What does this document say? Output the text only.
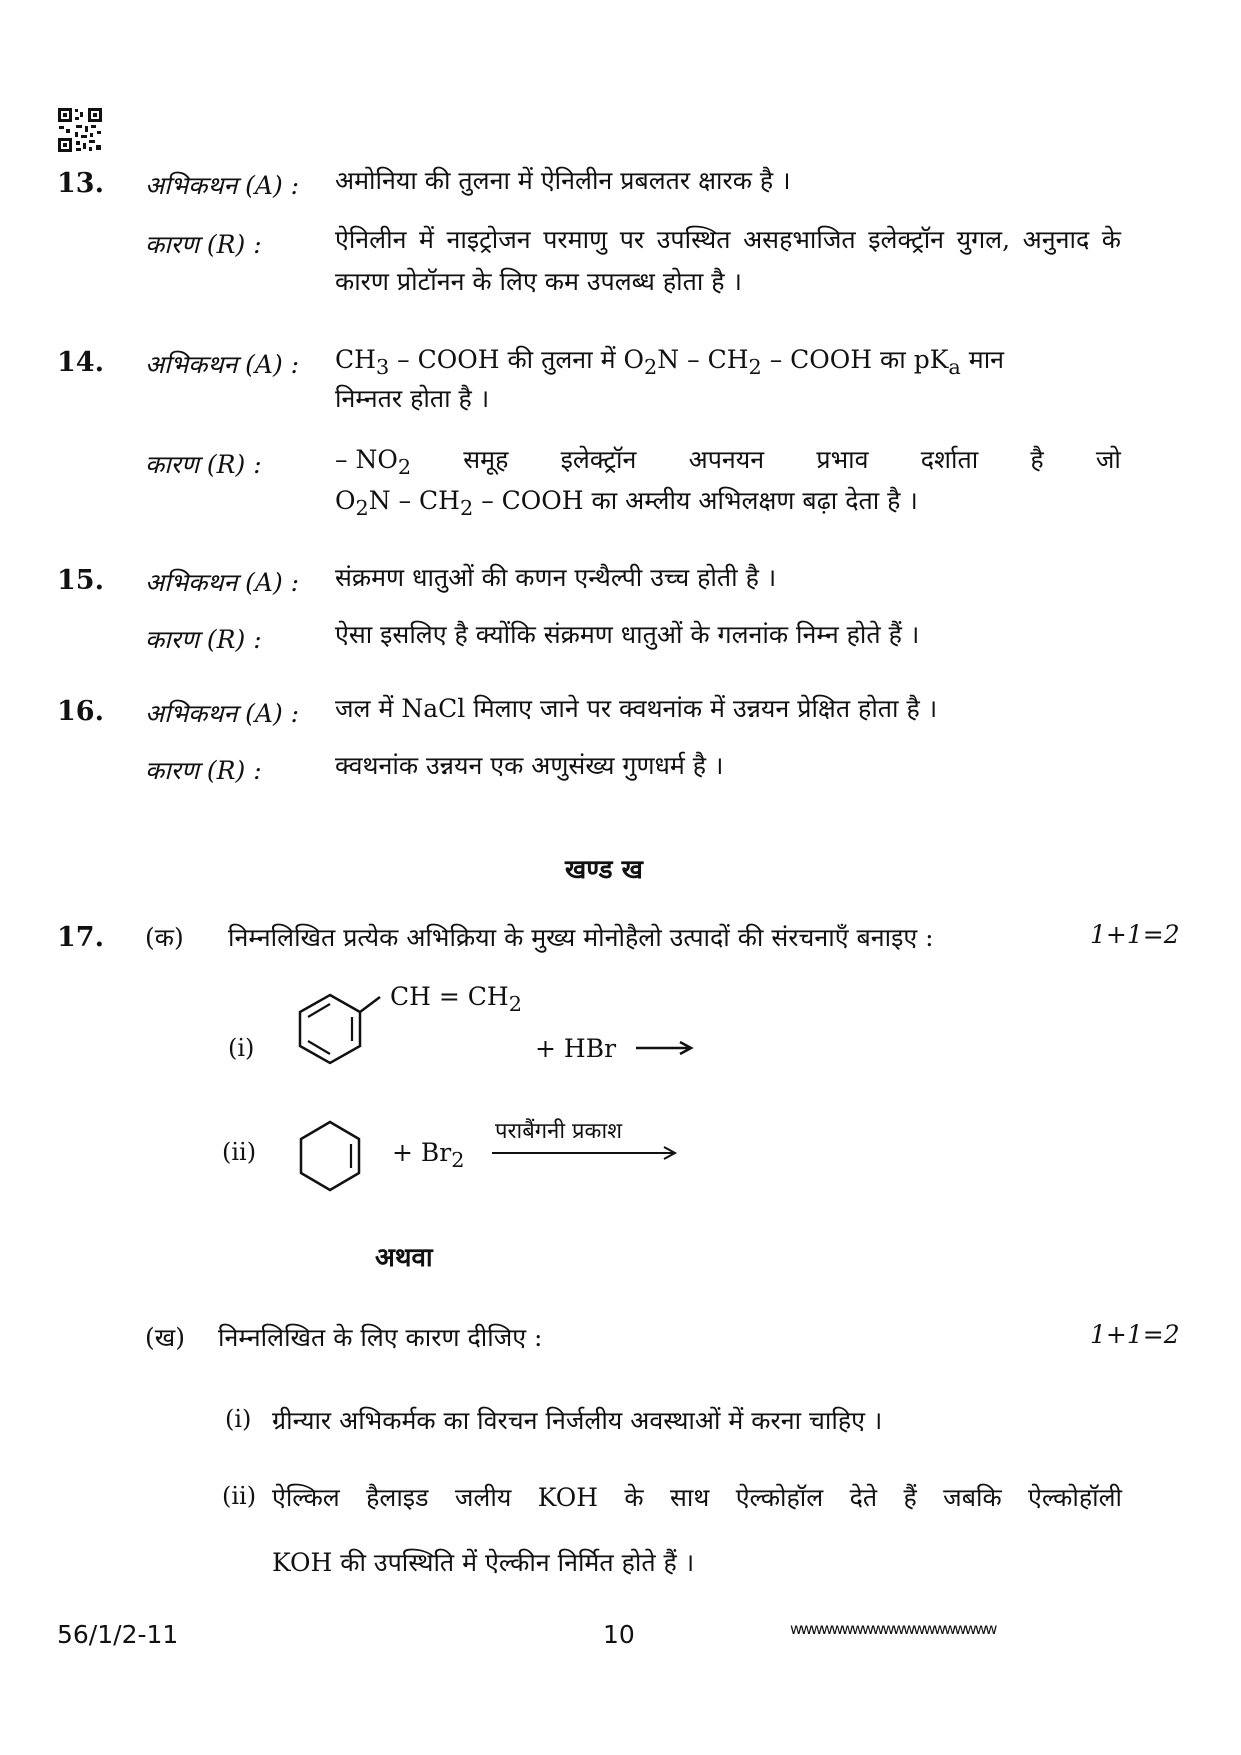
13. अभिकथन (A) : अमोनिया की तुलना में ऐनिलीन प्रबलतर क्षारक है ।
कारण (R) :	ऐनिलीन में नाइट्रोजन परमाणु पर उपस्थित असहभाजित इलेक्ट्रॉन युगल, अनुनाद के कारण प्रोटॉनन के लिए कम उपलब्ध होता है ।
14. अभिकथन (A) : $CH_3$ – COOH की तुलना में $O_2N - CH_2$ – COOH का $pK_a$ मान
निम्नतर होता है ।
कारण (R) :	– $NO_2$ समूह इलेक्ट्रॉन अपनयन प्रभाव दर्शाता है जो
$O_2N - CH_2$ – COOH का अम्लीय अभिलक्षण बढ़ा देता है ।
15. अभिकथन (A) : संक्रमण धातुओं की कणन एन्थैल्पी उच्च होती है ।
कारण (R) :	ऐसा इसलिए है क्योंकि संक्रमण धातुओं के गलनांक निम्न होते हैं ।
16. अभिकथन (A) : जल में NaCl मिलाए जाने पर क्वथनांक में उन्नयन प्रेक्षित होता है ।
कारण (R) :	क्वथनांक उन्नयन एक अणुसंख्य गुणधर्म है ।
खण्ड ख
17. (क) निम्नलिखित प्रत्येक अभिक्रिया के मुख्य मोनोहैलो उत्पादों की संरचनाएँ बनाइए :	1+1=2
(i)
CH = $CH_2$
+ HBr →
(ii)	+ $Br_2$
पराबैंगनी प्रकाश
अथवा
(ख) निम्नलिखित के लिए कारण दीजिए :	1+1=2
(i) ग्रीन्यार अभिकर्मक का विरचन निर्जलीय अवस्थाओं में करना चाहिए ।
(ii) ऐल्किल हैलाइड जलीय KOH के साथ ऐल्कोहॉल देते हैं जबकि ऐल्कोहॉली
KOH की उपस्थिति में ऐल्कीन निर्मित होते हैं ।
56/1/2-11	10	wwwwwwwwwwwwwwwwwwww
